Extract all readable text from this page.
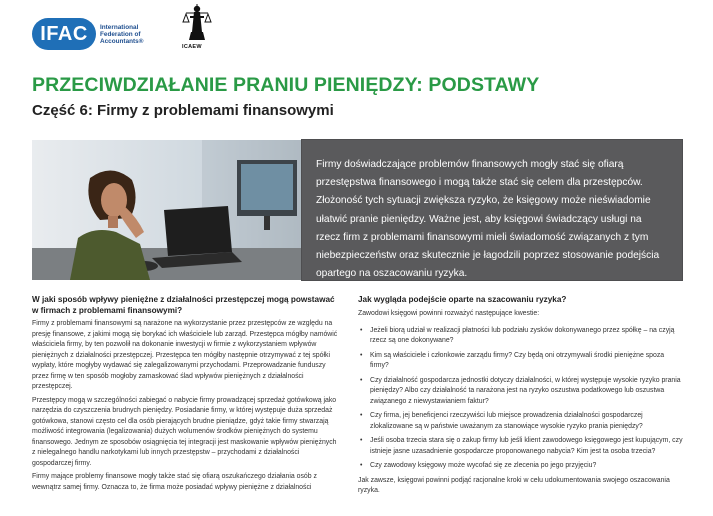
IFAC	International Federation of Accountants®
ICAEW
PRZECIWDZIAŁANIE PRANIU PIENIĘDZY: PODSTAWY
Część 6: Firmy z problemami finansowymi
Firmy doświadczające problemów finansowych mogły stać się ofiarą przestępstwa finansowego i mogą także stać się celem dla przestępców. Złożoność tych sytuacji zwiększa ryzyko, że księgowy może nieświadomie ułatwić pranie pieniędzy. Ważne jest, aby księgowi świadczący usługi na rzecz firm z problemami finansowymi mieli świadomość związanych z tym niebezpieczeństw oraz skutecznie je łagodzili poprzez stosowanie podejścia opartego na oszacowaniu ryzyka.
W jaki sposób wpływy pieniężne z działalności przestępczej mogą powstawać w firmach z problemami finansowymi?

Firmy z problemami finansowymi są narażone na wykorzystanie przez przestępców ze względu na presję finansowe, z jakimi mogą się borykać ich właściciele lub zarząd. Przestępca mógłby namówić właściciela firmy, by ten pozwolił na dokonanie inwestycji w firmie z wykorzystaniem wpływów pieniężnych z działalności przestępczej. Przestępca ten mógłby następnie otrzymywać z tej spółki wypłaty, które mogłyby wydawać się zalegalizowanymi przychodami. Przeprowadzanie funduszy przez firmę w ten sposób mogłoby zamaskować ślad wpływów pieniężnych z działalności przestępczej.

Przestępcy mogą w szczególności zabiegać o nabycie firmy prowadzącej sprzedaż gotówkową jako narzędzia do czyszczenia brudnych pieniędzy. Posiadanie firmy, w której występuje duża sprzedaż gotówkowa, stanowi często cel dla osób pierających brudne pieniądze, gdyż takie firmy stwarzają możliwość integrowania (legalizowania) dużych wolumenów środków pieniężnych do systemu finansowego. Jednym ze sposobów osiągnięcia tej integracji jest maskowanie wpływów pieniężnych z nielegalnego handlu narkotykami lub innych przestępstw – przychodami z działalności gospodarczej firmy.

Firmy mające problemy finansowe mogły także stać się ofiarą oszukańczego działania osób z wewnątrz samej firmy. Oznacza to, że firma może posiadać wpływy pieniężne z działalności

Jak wygląda podejście oparte na szacowaniu ryzyka?

Zawodowi księgowi powinni rozważyć następujące kwestie:

• Jeżeli biorą udział w realizacji płatności lub podziału zysków dokonywanego przez spółkę – na czyją rzecz są one dokonywane?
• Kim są właściciele i członkowie zarządu firmy? Czy będą oni otrzymywali środki pieniężne spoza firmy?
• Czy działalność gospodarcza jednostki dotyczy działalności, w której występuje wysokie ryzyko prania pieniędzy? Albo czy działalność ta narażona jest na ryzyko oszustwa podatkowego lub oszustwa związanego z niewystawianiem faktur?
• Czy firma, jej beneficjenci rzeczywiści lub miejsce prowadzenia działalności gospodarczej zlokalizowane są w państwie uważanym za stanowiące wysokie ryzyko prania pieniędzy?
• Jeśli osoba trzecia stara się o zakup firmy lub jeśli klient zawodowego księgowego jest kupującym, czy istnieje jasne uzasadnienie gospodarcze proponowanego nabycia? Kim jest ta osoba trzecia?
• Czy zawodowy księgowy może wycofać się ze zlecenia po jego przyjęciu?

Jak zawsze, księgowi powinni podjąć racjonalne kroki w celu udokumentowania swojego oszacowania ryzyka.
